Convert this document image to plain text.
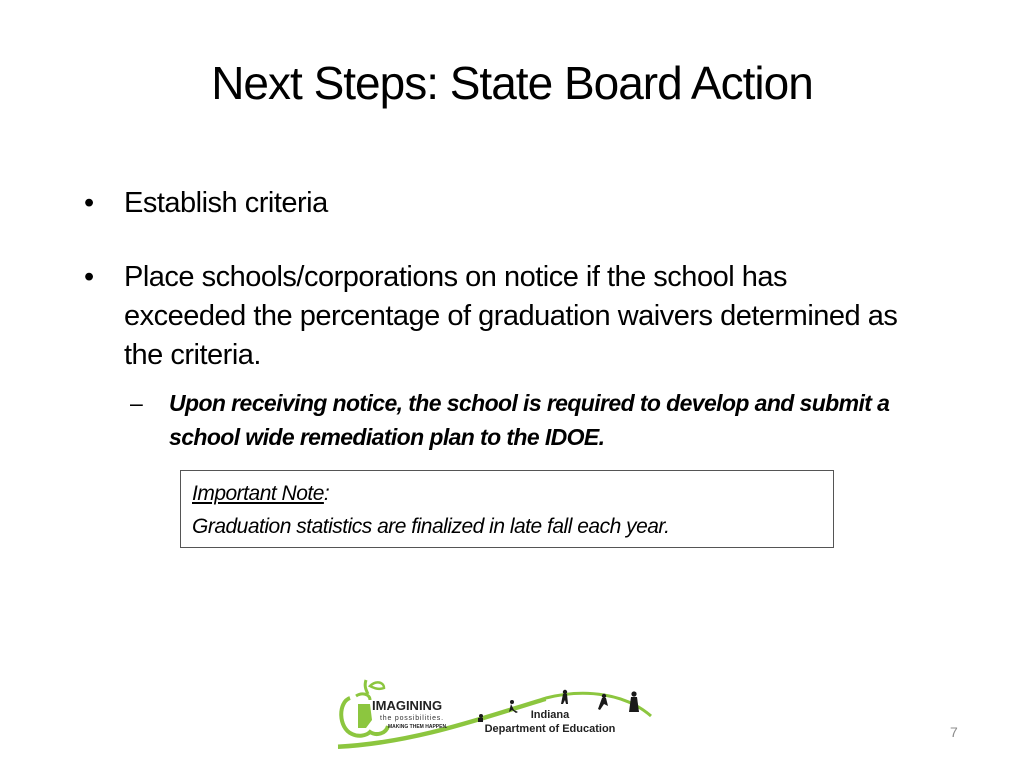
Next Steps: State Board Action
• Establish criteria
• Place schools/corporations on notice if the school has exceeded the percentage of graduation waivers determined as the criteria.
– Upon receiving notice, the school is required to develop and submit a school wide remediation plan to the IDOE.
Important Note:
Graduation statistics are finalized in late fall each year.
IMAGINING
the possibilities.
MAKING THEM HAPPEN.
Indiana
Department of Education	7
